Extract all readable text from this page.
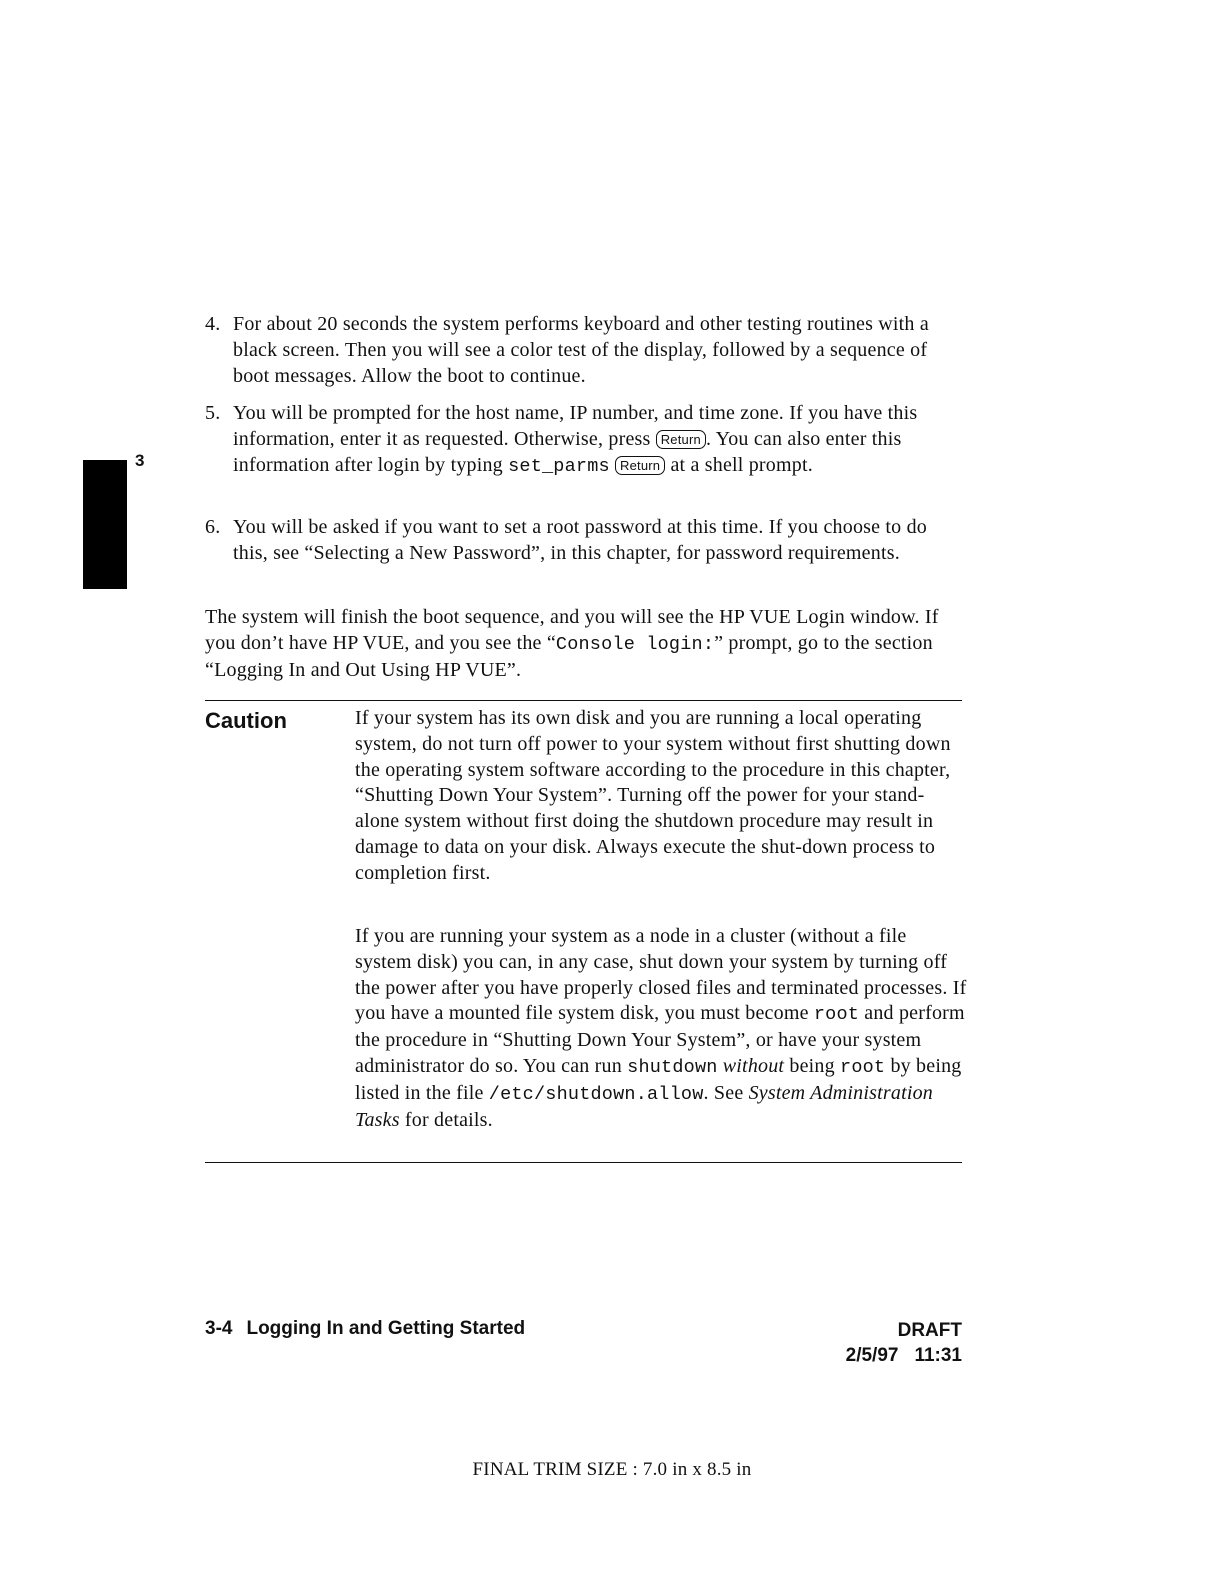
3
4. For about 20 seconds the system performs keyboard and other testing routines with a black screen. Then you will see a color test of the display, followed by a sequence of boot messages. Allow the boot to continue.
5. You will be prompted for the host name, IP number, and time zone. If you have this information, enter it as requested. Otherwise, press Return . You can also enter this information after login by typing set_parms Return at a shell prompt.
6. You will be asked if you want to set a root password at this time. If you choose to do this, see “Selecting a New Password”, in this chapter, for password requirements.
The system will finish the boot sequence, and you will see the HP VUE Login window. If you don’t have HP VUE, and you see the “Console login:” prompt, go to the section “Logging In and Out Using HP VUE”.
Caution	If your system has its own disk and you are running a local operating system, do not turn off power to your system without first shutting down the operating system software according to the procedure in this chapter, “Shutting Down Your System”. Turning off the power for your stand-alone system without first doing the shutdown procedure may result in damage to data on your disk. Always execute the shut-down process to completion first.
If you are running your system as a node in a cluster (without a file system disk) you can, in any case, shut down your system by turning off the power after you have properly closed files and terminated processes. If you have a mounted file system disk, you must become root and perform the procedure in “Shutting Down Your System”, or have your system administrator do so. You can run shutdown without being root by being listed in the file /etc/shutdown.allow. See System Administration Tasks for details.
3-4 Logging In and Getting Started	DRAFT
2/5/97 11:31
FINAL TRIM SIZE : 7.0 in x 8.5 in
